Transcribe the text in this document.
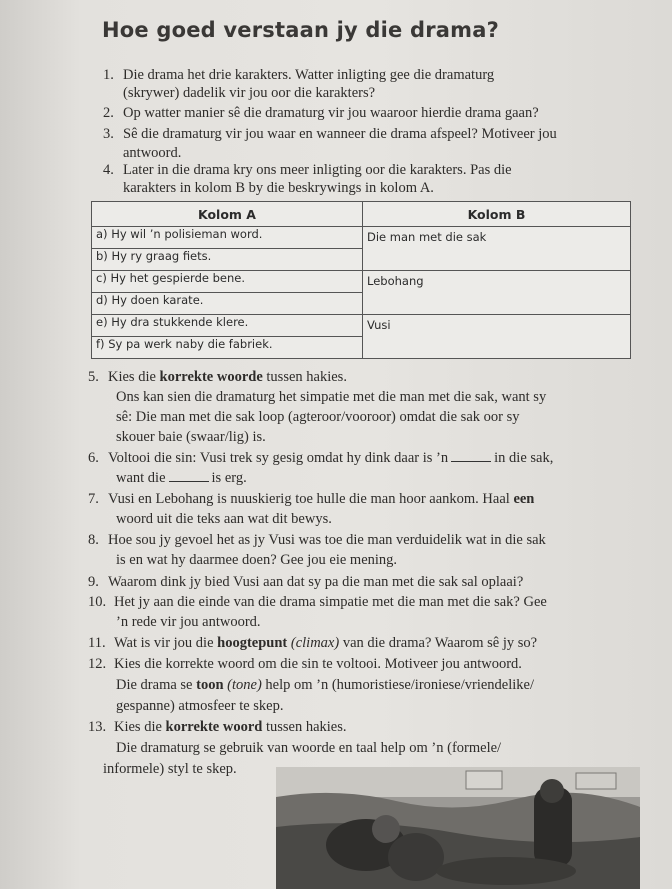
Hoe goed verstaan jy die drama?
1. Die drama het drie karakters. Watter inligting gee die dramaturg
(skrywer) dadelik vir jou oor die karakters?
2. Op watter manier sê die dramaturg vir jou waaroor hierdie drama gaan?
3. Sê die dramaturg vir jou waar en wanneer die drama afspeel? Motiveer jou
antwoord.
4. Later in die drama kry ons meer inligting oor die karakters. Pas die
karakters in kolom B by die beskrywings in kolom A.
Kolom A	Kolom B
a) Hy wil ’n polisieman word.	Die man met die sak
b) Hy ry graag fiets.	
c) Hy het gespierde bene.	Lebohang
d) Hy doen karate.	
e) Hy dra stukkende klere.	Vusi
f) Sy pa werk naby die fabriek.	
5. Kies die korrekte woorde tussen hakies.
Ons kan sien die dramaturg het simpatie met die man met die sak, want sy
sê: Die man met die sak loop (agteroor/vooroor) omdat die sak oor sy
skouer baie (swaar/lig) is.
6. Voltooi die sin: Vusi trek sy gesig omdat hy dink daar is ’n	in die sak,
want die	is erg.
7. Vusi en Lebohang is nuuskierig toe hulle die man hoor aankom. Haal een
woord uit die teks aan wat dit bewys.
8. Hoe sou jy gevoel het as jy Vusi was toe die man verduidelik wat in die sak
is en wat hy daarmee doen? Gee jou eie mening.
9. Waarom dink jy bied Vusi aan dat sy pa die man met die sak sal oplaai?
10. Het jy aan die einde van die drama simpatie met die man met die sak? Gee
’n rede vir jou antwoord.
11. Wat is vir jou die hoogtepunt (climax) van die drama? Waarom sê jy so?
12. Kies die korrekte woord om die sin te voltooi. Motiveer jou antwoord.
Die drama se toon (tone) help om ’n (humoristiese/ironiese/vriendelike/
gespanne) atmosfeer te skep.
13. Kies die korrekte woord tussen hakies.
Die dramaturg se gebruik van woorde en taal help om ’n (formele/
informele) styl te skep.
